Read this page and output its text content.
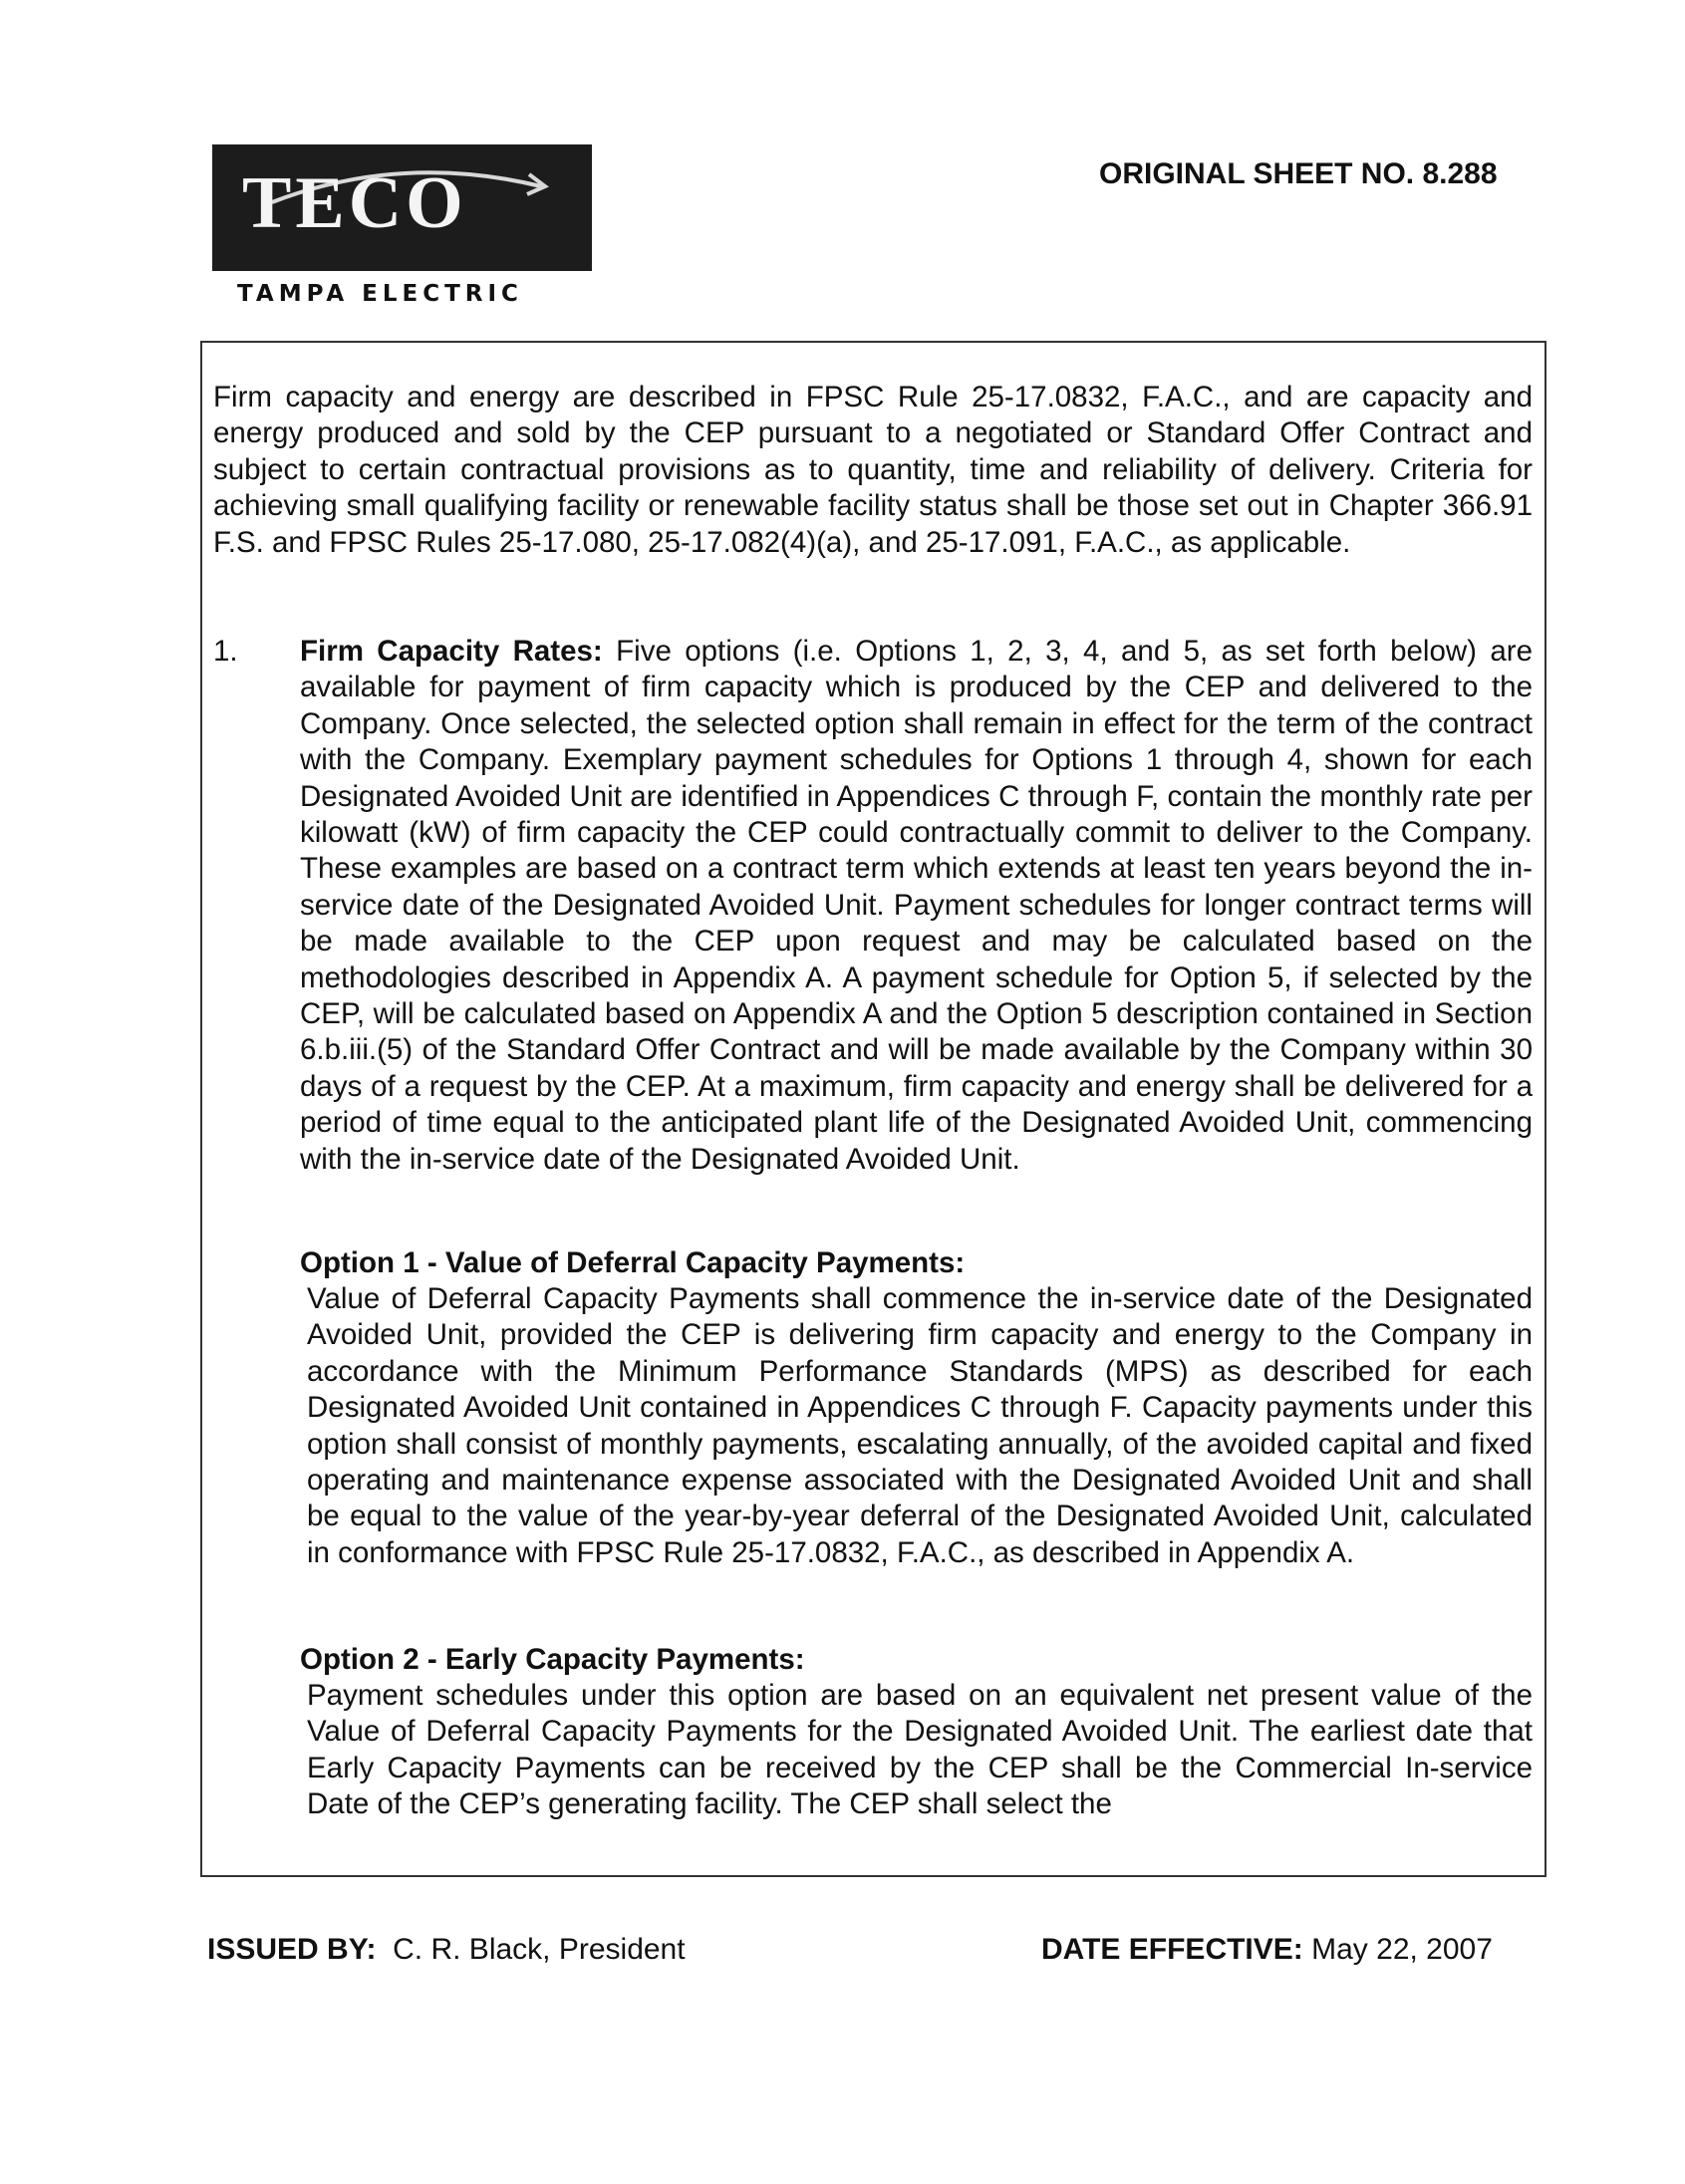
TECO
TAMPA ELECTRIC
ORIGINAL SHEET NO. 8.288

Firm capacity and energy are described in FPSC Rule 25-17.0832, F.A.C., and are capacity and energy produced and sold by the CEP pursuant to a negotiated or Standard Offer Contract and subject to certain contractual provisions as to quantity, time and reliability of delivery. Criteria for achieving small qualifying facility or renewable facility status shall be those set out in Chapter 366.91 F.S. and FPSC Rules 25-17.080, 25-17.082(4)(a), and 25-17.091, F.A.C., as applicable.

1. Firm Capacity Rates: Five options (i.e. Options 1, 2, 3, 4, and 5, as set forth below) are available for payment of firm capacity which is produced by the CEP and delivered to the Company. Once selected, the selected option shall remain in effect for the term of the contract with the Company. Exemplary payment schedules for Options 1 through 4, shown for each Designated Avoided Unit are identified in Appendices C through F, contain the monthly rate per kilowatt (kW) of firm capacity the CEP could contractually commit to deliver to the Company. These examples are based on a contract term which extends at least ten years beyond the in-service date of the Designated Avoided Unit. Payment schedules for longer contract terms will be made available to the CEP upon request and may be calculated based on the methodologies described in Appendix A. A payment schedule for Option 5, if selected by the CEP, will be calculated based on Appendix A and the Option 5 description contained in Section 6.b.iii.(5) of the Standard Offer Contract and will be made available by the Company within 30 days of a request by the CEP. At a maximum, firm capacity and energy shall be delivered for a period of time equal to the anticipated plant life of the Designated Avoided Unit, commencing with the in-service date of the Designated Avoided Unit.

Option 1 - Value of Deferral Capacity Payments:

Value of Deferral Capacity Payments shall commence the in-service date of the Designated Avoided Unit, provided the CEP is delivering firm capacity and energy to the Company in accordance with the Minimum Performance Standards (MPS) as described for each Designated Avoided Unit contained in Appendices C through F. Capacity payments under this option shall consist of monthly payments, escalating annually, of the avoided capital and fixed operating and maintenance expense associated with the Designated Avoided Unit and shall be equal to the value of the year-by-year deferral of the Designated Avoided Unit, calculated in conformance with FPSC Rule 25-17.0832, F.A.C., as described in Appendix A.

Option 2 - Early Capacity Payments:

Payment schedules under this option are based on an equivalent net present value of the Value of Deferral Capacity Payments for the Designated Avoided Unit. The earliest date that Early Capacity Payments can be received by the CEP shall be the Commercial In-service Date of the CEP’s generating facility. The CEP shall select the

ISSUED BY: C. R. Black, President	DATE EFFECTIVE: May 22, 2007
